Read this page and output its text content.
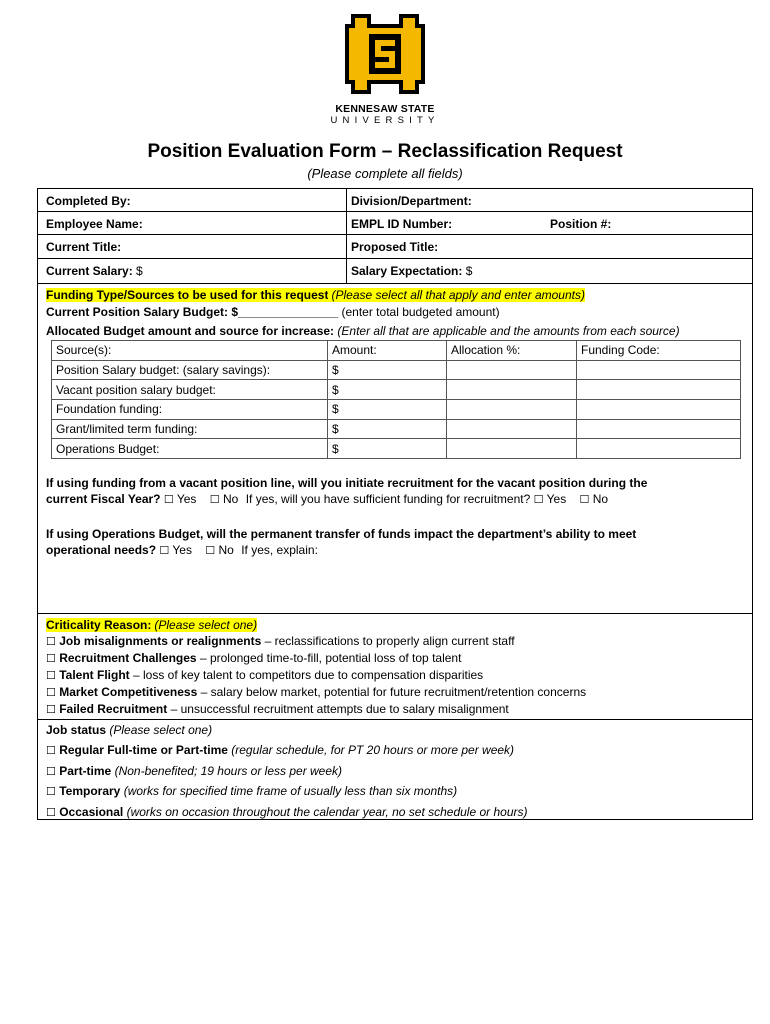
KENNESAW STATE
UNIVERSITY
Position Evaluation Form – Reclassification Request
(Please complete all fields)
Completed By:	Division/Department:
Employee Name:	EMPL ID Number:	Position #:
Current Title:	Proposed Title:
Current Salary: $	Salary Expectation: $
Funding Type/Sources to be used for this request (Please select all that apply and enter amounts)
Current Position Salary Budget: $_______________ (enter total budgeted amount)
Allocated Budget amount and source for increase: (Enter all that are applicable and the amounts from each source)
Source(s):	Amount:	Allocation %:	Funding Code:
Position Salary budget: (salary savings):	$		
Vacant position salary budget:	$		
Foundation funding:	$		
Grant/limited term funding:	$		
Operations Budget:	$		
If using funding from a vacant position line, will you initiate recruitment for the vacant position during the
current Fiscal Year? ☐ Yes ☐ No If yes, will you have sufficient funding for recruitment? ☐ Yes ☐ No
If using Operations Budget, will the permanent transfer of funds impact the department’s ability to meet
operational needs? ☐ Yes ☐ No If yes, explain:
Criticality Reason: (Please select one)
☐ Job misalignments or realignments – reclassifications to properly align current staff
☐ Recruitment Challenges – prolonged time-to-fill, potential loss of top talent
☐ Talent Flight – loss of key talent to competitors due to compensation disparities
☐ Market Competitiveness – salary below market, potential for future recruitment/retention concerns
☐ Failed Recruitment – unsuccessful recruitment attempts due to salary misalignment
Job status (Please select one)
☐ Regular Full-time or Part-time (regular schedule, for PT 20 hours or more per week)
☐ Part-time (Non-benefited; 19 hours or less per week)
☐ Temporary (works for specified time frame of usually less than six months)
☐ Occasional (works on occasion throughout the calendar year, no set schedule or hours)
